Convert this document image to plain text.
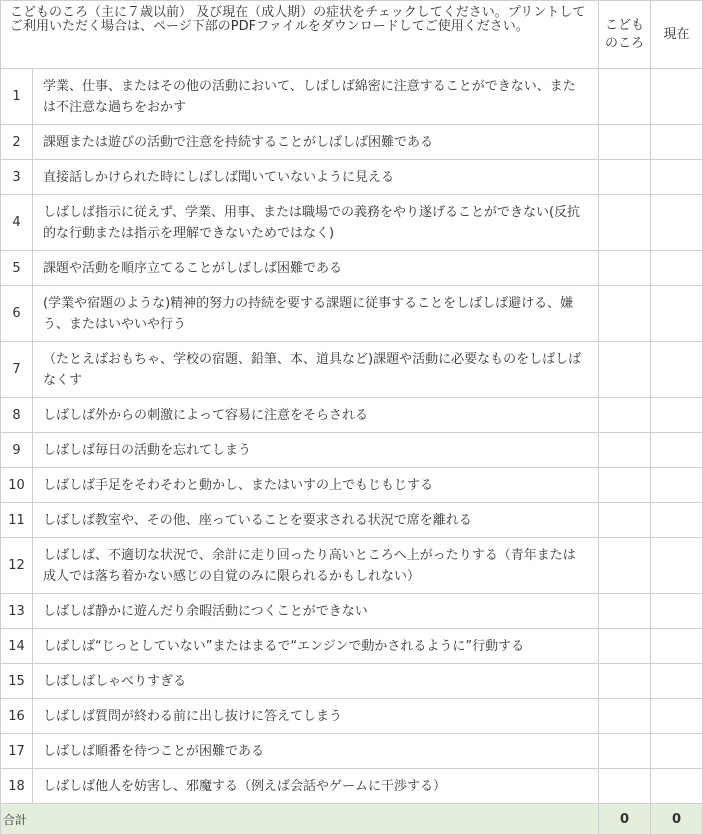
こどものころ（主に７歳以前） 及び現在（成人期）の症状をチェックしてください。プリントしてご利用いただく場合は、ページ下部のPDFファイルをダウンロードしてご使用ください。		こども のころ	現在
1	学業、仕事、またはその他の活動において、しばしば綿密に注意することができない、または不注意な過ちをおかす		
2	課題または遊びの活動で注意を持続することがしばしば困難である		
3	直接話しかけられた時にしばしば聞いていないように見える		
4	しばしば指示に従えず、学業、用事、または職場での義務をやり遂げることができない(反抗的な行動または指示を理解できないためではなく)		
5	課題や活動を順序立てることがしばしば困難である		
6	(学業や宿題のような)精神的努力の持続を要する課題に従事することをしばしば避ける、嫌う、またはいやいや行う		
7	（たとえばおもちゃ、学校の宿題、鉛筆、本、道具など)課題や活動に必要なものをしばしばなくす		
8	しばしば外からの刺激によって容易に注意をそらされる		
9	しばしば毎日の活動を忘れてしまう		
10	しばしば手足をそわそわと動かし、またはいすの上でもじもじする		
11	しばしば教室や、その他、座っていることを要求される状況で席を離れる		
12	しばしば、不適切な状況で、余計に走り回ったり高いところへ上がったりする（青年または成人では落ち着かない感じの自覚のみに限られるかもしれない）		
13	しばしば静かに遊んだり余暇活動につくことができない		
14	しばしば“じっとしていない”またはまるで“エンジンで動かされるように”行動する		
15	しばしばしゃべりすぎる		
16	しばしば質問が終わる前に出し抜けに答えてしまう		
17	しばしば順番を待つことが困難である		
18	しばしば他人を妨害し、邪魔する（例えば会話やゲームに干渉する）		
合計		0	0
